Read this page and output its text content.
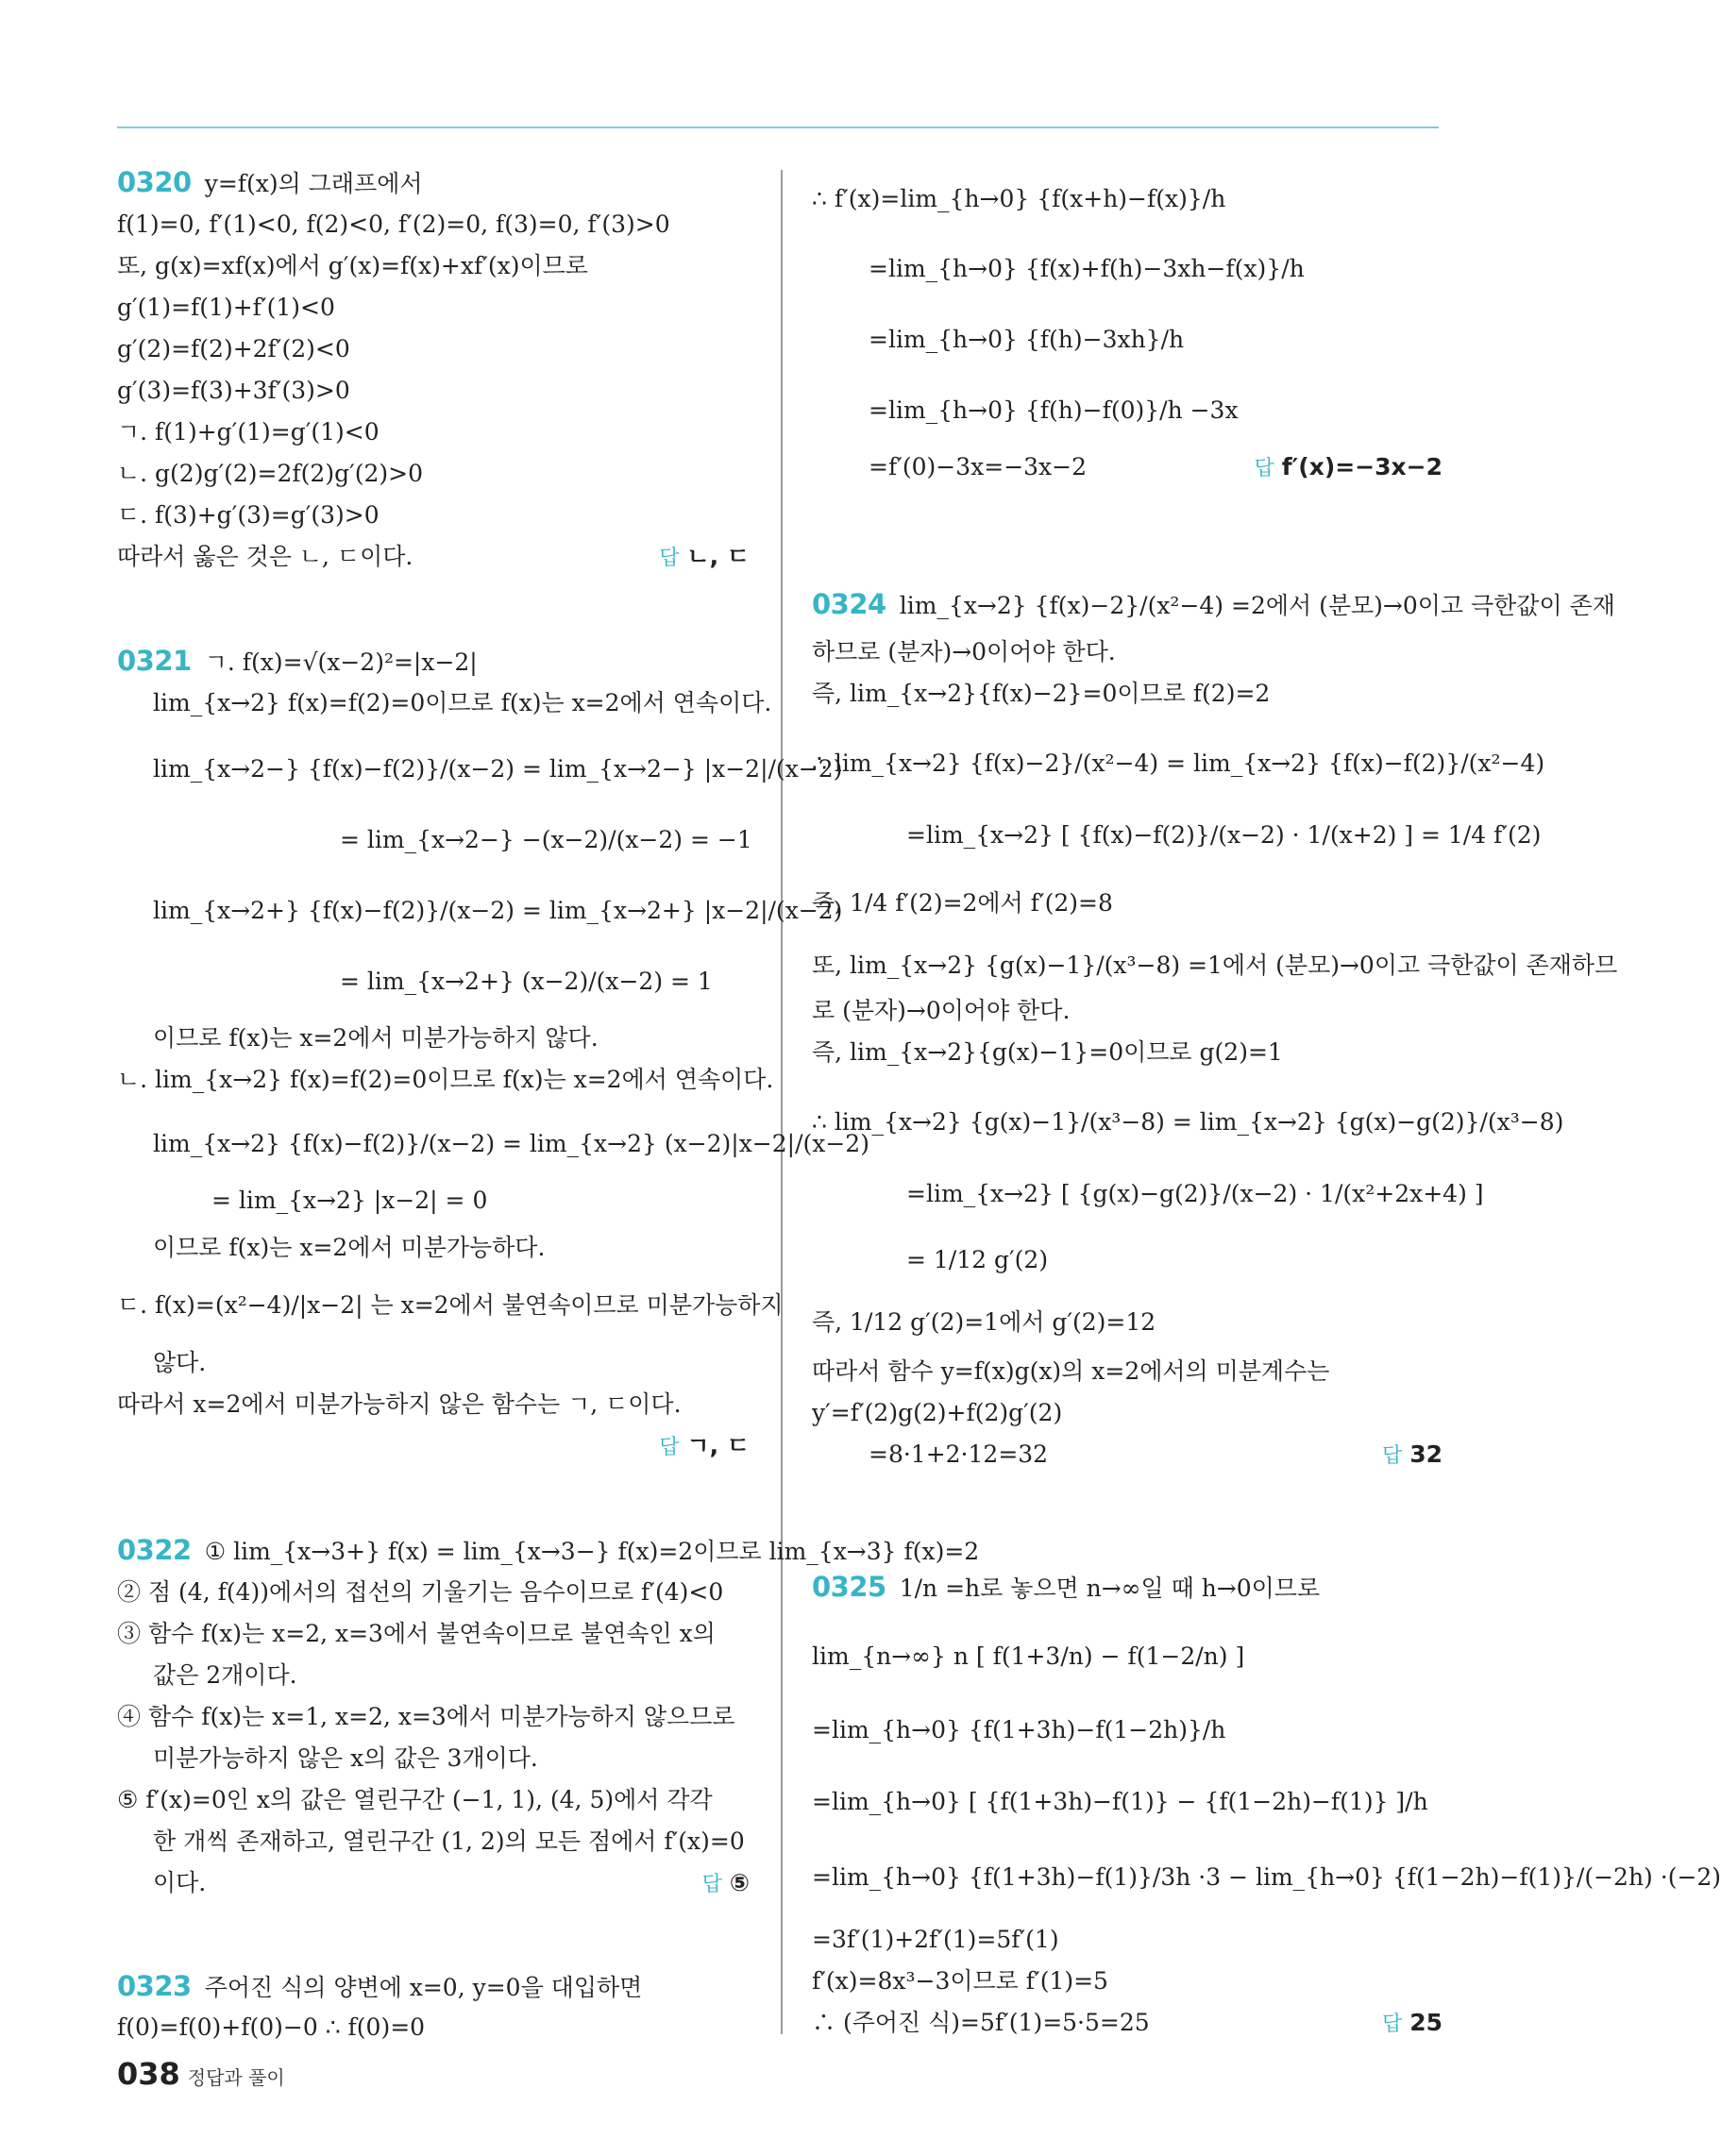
0320 y=f(x)의 그래프에서
f(1)=0, f′(1)<0, f(2)<0, f′(2)=0, f(3)=0, f′(3)>0
또, g(x)=xf(x)에서 g′(x)=f(x)+xf′(x)이므로
g′(1)=f(1)+f′(1)<0
g′(2)=f(2)+2f′(2)<0
g′(3)=f(3)+3f′(3)>0
ㄱ. f(1)+g′(1)=g′(1)<0
ㄴ. g(2)g′(2)=2f(2)g′(2)>0
ㄷ. f(3)+g′(3)=g′(3)>0
따라서 옳은 것은 ㄴ, ㄷ이다.	답 ㄴ, ㄷ
0321 ㄱ. f(x)=√(x−2)²=|x−2|
lim_{x→2} f(x)=f(2)=0이므로 f(x)는 x=2에서 연속이다.
lim_{x→2−} {f(x)−f(2)}/(x−2) = lim_{x→2−} |x−2|/(x−2)
= lim_{x→2−} −(x−2)/(x−2) = −1
lim_{x→2+} {f(x)−f(2)}/(x−2) = lim_{x→2+} |x−2|/(x−2)
= lim_{x→2+} (x−2)/(x−2) = 1
이므로 f(x)는 x=2에서 미분가능하지 않다.
ㄴ. lim_{x→2} f(x)=f(2)=0이므로 f(x)는 x=2에서 연속이다.
lim_{x→2} {f(x)−f(2)}/(x−2) = lim_{x→2} (x−2)|x−2|/(x−2)
= lim_{x→2} |x−2| = 0
이므로 f(x)는 x=2에서 미분가능하다.
ㄷ. f(x)=(x²−4)/|x−2| 는 x=2에서 불연속이므로 미분가능하지
않다.
따라서 x=2에서 미분가능하지 않은 함수는 ㄱ, ㄷ이다.
답 ㄱ, ㄷ
0322 ① lim_{x→3+} f(x) = lim_{x→3−} f(x)=2이므로 lim_{x→3} f(x)=2
② 점 (4, f(4))에서의 접선의 기울기는 음수이므로 f′(4)<0
③ 함수 f(x)는 x=2, x=3에서 불연속이므로 불연속인 x의
값은 2개이다.
④ 함수 f(x)는 x=1, x=2, x=3에서 미분가능하지 않으므로
미분가능하지 않은 x의 값은 3개이다.
⑤ f′(x)=0인 x의 값은 열린구간 (−1, 1), (4, 5)에서 각각
한 개씩 존재하고, 열린구간 (1, 2)의 모든 점에서 f′(x)=0
이다.	답 ⑤
0323 주어진 식의 양변에 x=0, y=0을 대입하면
f(0)=f(0)+f(0)−0 ∴ f(0)=0
∴ f′(x)=lim_{h→0} {f(x+h)−f(x)}/h
=lim_{h→0} {f(x)+f(h)−3xh−f(x)}/h
=lim_{h→0} {f(h)−3xh}/h
=lim_{h→0} {f(h)−f(0)}/h −3x
=f′(0)−3x=−3x−2	답 f′(x)=−3x−2
0324 lim_{x→2} {f(x)−2}/(x²−4) =2에서 (분모)→0이고 극한값이 존재
하므로 (분자)→0이어야 한다.
즉, lim_{x→2}{f(x)−2}=0이므로 f(2)=2
∴ lim_{x→2} {f(x)−2}/(x²−4) = lim_{x→2} {f(x)−f(2)}/(x²−4)
=lim_{x→2} [ {f(x)−f(2)}/(x−2) · 1/(x+2) ] = 1/4 f′(2)
즉, 1/4 f′(2)=2에서 f′(2)=8
또, lim_{x→2} {g(x)−1}/(x³−8) =1에서 (분모)→0이고 극한값이 존재하므
로 (분자)→0이어야 한다.
즉, lim_{x→2}{g(x)−1}=0이므로 g(2)=1
∴ lim_{x→2} {g(x)−1}/(x³−8) = lim_{x→2} {g(x)−g(2)}/(x³−8)
=lim_{x→2} [ {g(x)−g(2)}/(x−2) · 1/(x²+2x+4) ]
= 1/12 g′(2)
즉, 1/12 g′(2)=1에서 g′(2)=12
따라서 함수 y=f(x)g(x)의 x=2에서의 미분계수는
y′=f′(2)g(2)+f(2)g′(2)
=8·1+2·12=32	답 32
0325 1/n =h로 놓으면 n→∞일 때 h→0이므로
lim_{n→∞} n [ f(1+3/n) − f(1−2/n) ]
=lim_{h→0} {f(1+3h)−f(1−2h)}/h
=lim_{h→0} [ {f(1+3h)−f(1)} − {f(1−2h)−f(1)} ]/h
=lim_{h→0} {f(1+3h)−f(1)}/3h ·3 − lim_{h→0} {f(1−2h)−f(1)}/(−2h) ·(−2)
=3f′(1)+2f′(1)=5f′(1)
f′(x)=8x³−3이므로 f′(1)=5
∴ (주어진 식)=5f′(1)=5·5=25	답 25
038 정답과 풀이
